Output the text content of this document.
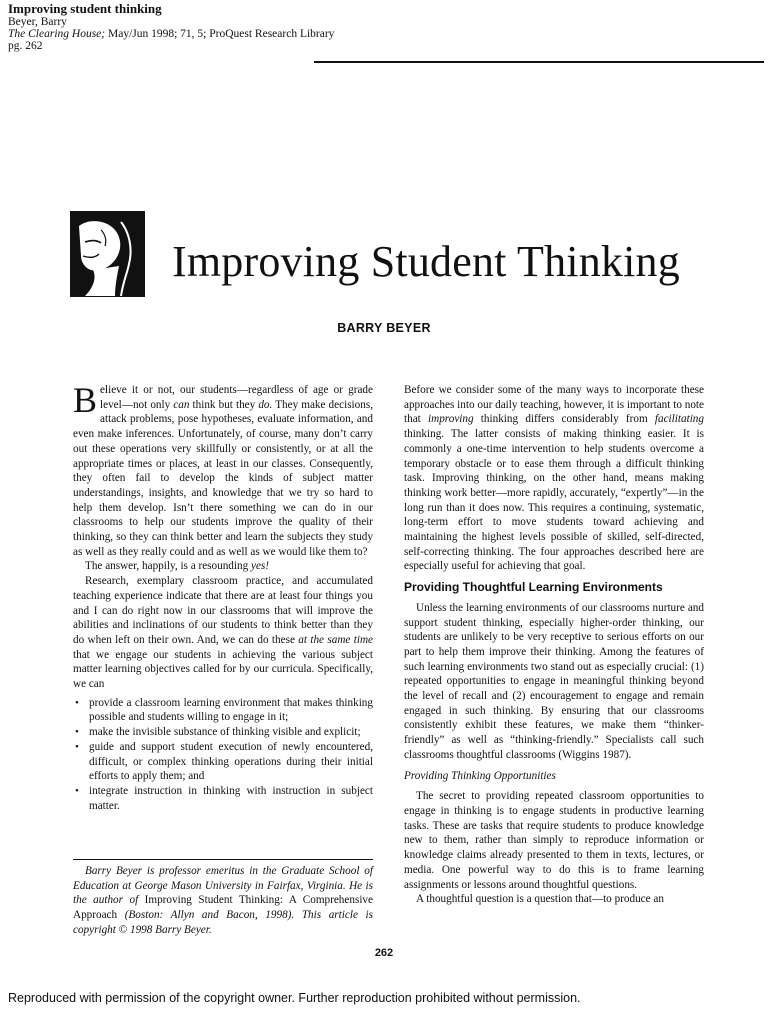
Improving student thinking
Beyer, Barry
The Clearing House; May/Jun 1998; 71, 5; ProQuest Research Library
pg. 262
Improving Student Thinking
BARRY BEYER

Believe it or not, our students—regardless of age or grade level—not only can think but they do. They make decisions, attack problems, pose hypotheses, evaluate information, and even make inferences. Unfortunately, of course, many don’t carry out these operations very skillfully or consistently, or at all the appropriate times or places, at least in our classes. Consequently, they often fail to develop the kinds of subject matter understandings, insights, and knowledge that we try so hard to help them develop. Isn’t there something we can do in our classrooms to help our students improve the quality of their thinking, so they can think better and learn the subjects they study as well as they really could and as well as we would like them to?

The answer, happily, is a resounding yes!

Research, exemplary classroom practice, and accumulated teaching experience indicate that there are at least four things you and I can do right now in our classrooms that will improve the abilities and inclinations of our students to think better than they do when left on their own. And, we can do these at the same time that we engage our students in achieving the various subject matter learning objectives called for by our curricula. Specifically, we can

• provide a classroom learning environment that makes thinking possible and students willing to engage in it;
• make the invisible substance of thinking visible and explicit;
• guide and support student execution of newly encountered, difficult, or complex thinking operations during their initial efforts to apply them; and
• integrate instruction in thinking with instruction in subject matter.
Barry Beyer is professor emeritus in the Graduate School of Education at George Mason University in Fairfax, Virginia. He is the author of Improving Student Thinking: A Comprehensive Approach (Boston: Allyn and Bacon, 1998). This article is copyright © 1998 Barry Beyer.

Before we consider some of the many ways to incorporate these approaches into our daily teaching, however, it is important to note that improving thinking differs considerably from facilitating thinking. The latter consists of making thinking easier. It is commonly a one-time intervention to help students overcome a temporary obstacle or to ease them through a difficult thinking task. Improving thinking, on the other hand, means making thinking work better—more rapidly, accurately, “expertly”—in the long run than it does now. This requires a continuing, systematic, long-term effort to move students toward achieving and maintaining the highest levels possible of skilled, self-directed, self-correcting thinking. The four approaches described here are especially useful for achieving that goal.

Providing Thoughtful Learning Environments

Unless the learning environments of our classrooms nurture and support student thinking, especially higher-order thinking, our students are unlikely to be very receptive to serious efforts on our part to help them improve their thinking. Among the features of such learning environments two stand out as especially crucial: (1) repeated opportunities to engage in meaningful thinking beyond the level of recall and (2) encouragement to engage and remain engaged in such thinking. By ensuring that our classrooms consistently exhibit these features, we make them “thinker-friendly” as well as “thinking-friendly.” Specialists call such classrooms thoughtful classrooms (Wiggins 1987).

Providing Thinking Opportunities

The secret to providing repeated classroom opportunities to engage in thinking is to engage students in productive learning tasks. These are tasks that require students to produce knowledge new to them, rather than simply to reproduce information or knowledge claims already presented to them in texts, lectures, or media. One powerful way to do this is to frame learning assignments or lessons around thoughtful questions.

A thoughtful question is a question that—to produce an

262
Reproduced with permission of the copyright owner. Further reproduction prohibited without permission.
